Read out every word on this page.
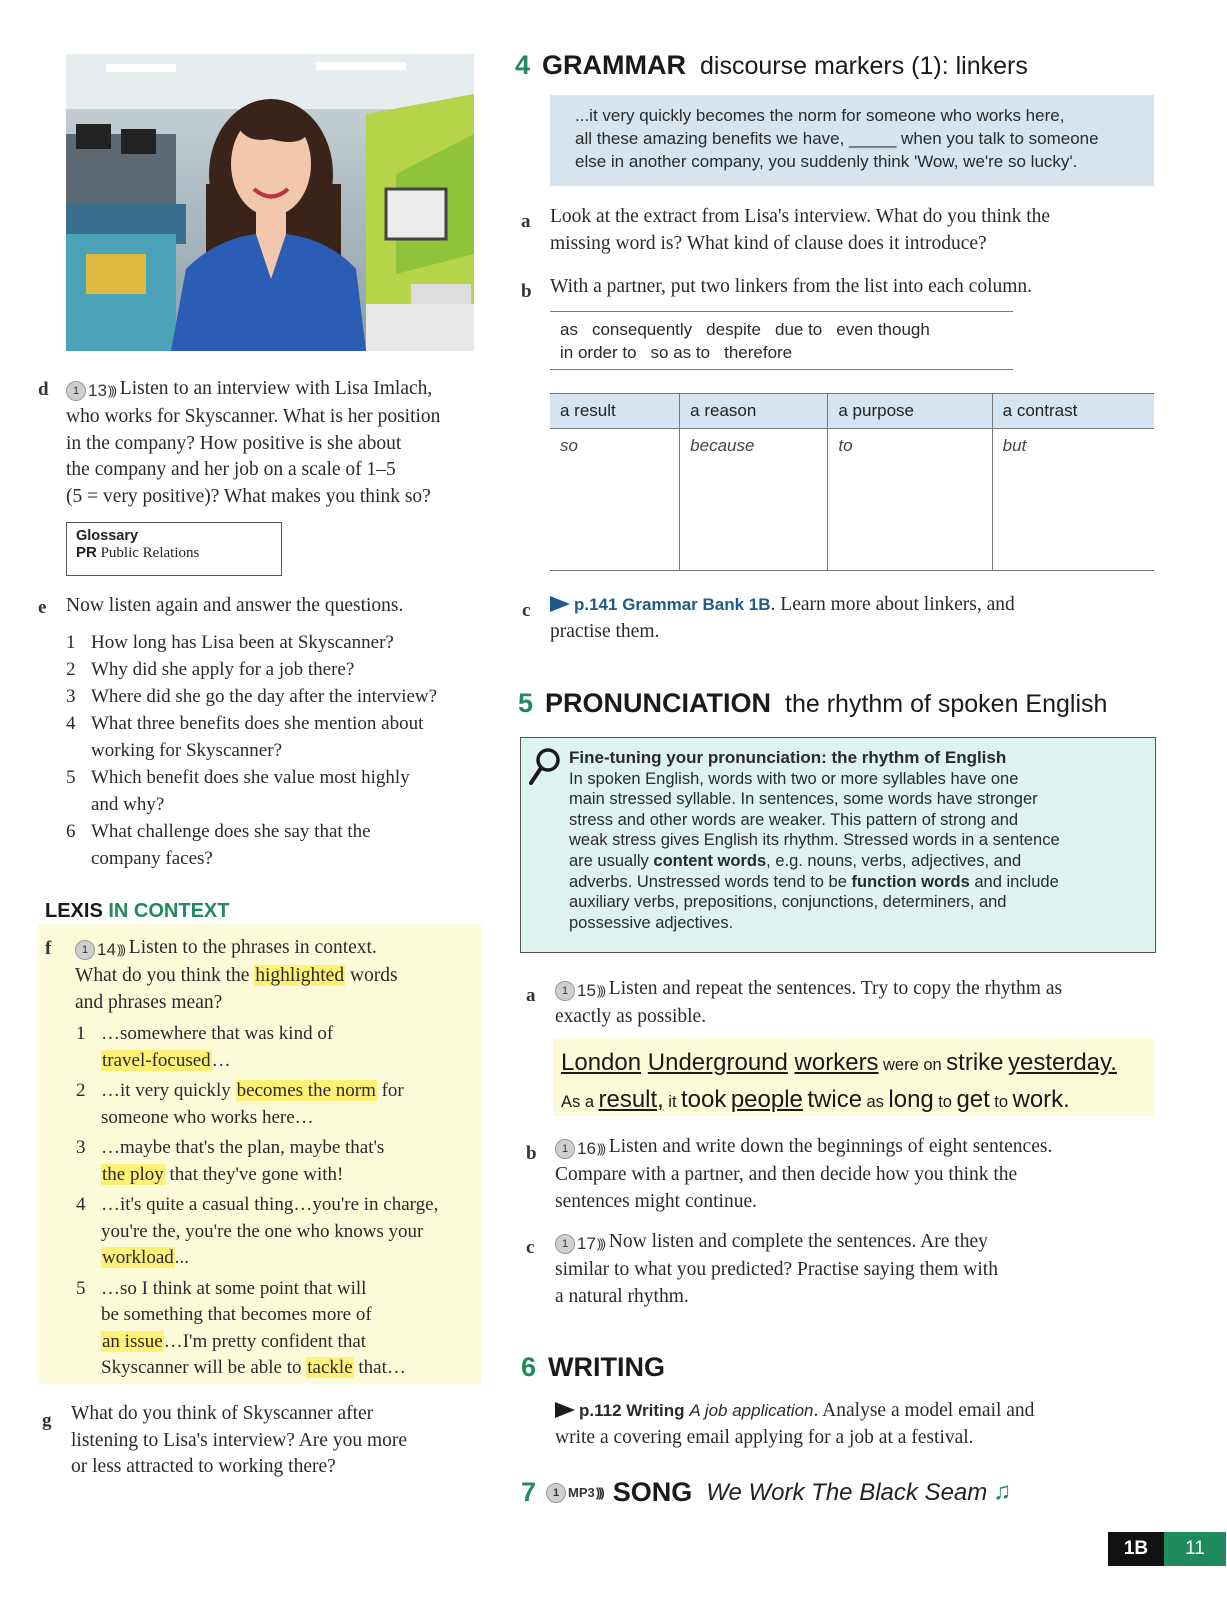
d	1 13 ))) Listen to an interview with Lisa Imlach,
who works for Skyscanner. What is her position
in the company? How positive is she about
the company and her job on a scale of 1–5
(5 = very positive)? What makes you think so?
Glossary
PR Public Relations
e Now listen again and answer the questions.
1 How long has Lisa been at Skyscanner?
2 Why did she apply for a job there?
3 Where did she go the day after the interview?
4 What three benefits does she mention about
working for Skyscanner?
5 Which benefit does she value most highly
and why?
6 What challenge does she say that the
company faces?
LEXIS IN CONTEXT
f	1 14 ))) Listen to the phrases in context.
What do you think the highlighted words
and phrases mean?
1 …somewhere that was kind of
travel-focused…
2 …it very quickly becomes the norm for
someone who works here…
3 …maybe that's the plan, maybe that's
the ploy that they've gone with!
4 …it's quite a casual thing…you're in charge,
you're the, you're the one who knows your
workload...
5 …so I think at some point that will
be something that becomes more of
an issue…I'm pretty confident that
Skyscanner will be able to tackle that…
g What do you think of Skyscanner after
listening to Lisa's interview? Are you more
or less attracted to working there?
4 GRAMMAR discourse markers (1): linkers
...it very quickly becomes the norm for someone who works here,
all these amazing benefits we have, _____ when you talk to someone
else in another company, you suddenly think 'Wow, we're so lucky'.
a Look at the extract from Lisa's interview. What do you think the
missing word is? What kind of clause does it introduce?
b With a partner, put two linkers from the list into each column.
as consequently despite due to even though
in order to so as to therefore
a result	a reason	a purpose	a contrast
so	because	to	but
c	p.141 Grammar Bank 1B. Learn more about linkers, and
practise them.
5 PRONUNCIATION the rhythm of spoken English
Fine-tuning your pronunciation: the rhythm of English
In spoken English, words with two or more syllables have one
main stressed syllable. In sentences, some words have stronger
stress and other words are weaker. This pattern of strong and
weak stress gives English its rhythm. Stressed words in a sentence
are usually content words, e.g. nouns, verbs, adjectives, and
adverbs. Unstressed words tend to be function words and include
auxiliary verbs, prepositions, conjunctions, determiners, and
possessive adjectives.
a	1 15 ))) Listen and repeat the sentences. Try to copy the rhythm as
exactly as possible.
London Underground workers were on strike yesterday.
As a result, it took people twice as long to get to work.
b	1 16 ))) Listen and write down the beginnings of eight sentences.
Compare with a partner, and then decide how you think the
sentences might continue.
c	1 17 ))) Now listen and complete the sentences. Are they
similar to what you predicted? Practise saying them with
a natural rhythm.
6 WRITING
p.112 Writing A job application. Analyse a model email and
write a covering email applying for a job at a festival.
7	1 MP3 ))) SONG We Work The Black Seam ♫
1B	11
